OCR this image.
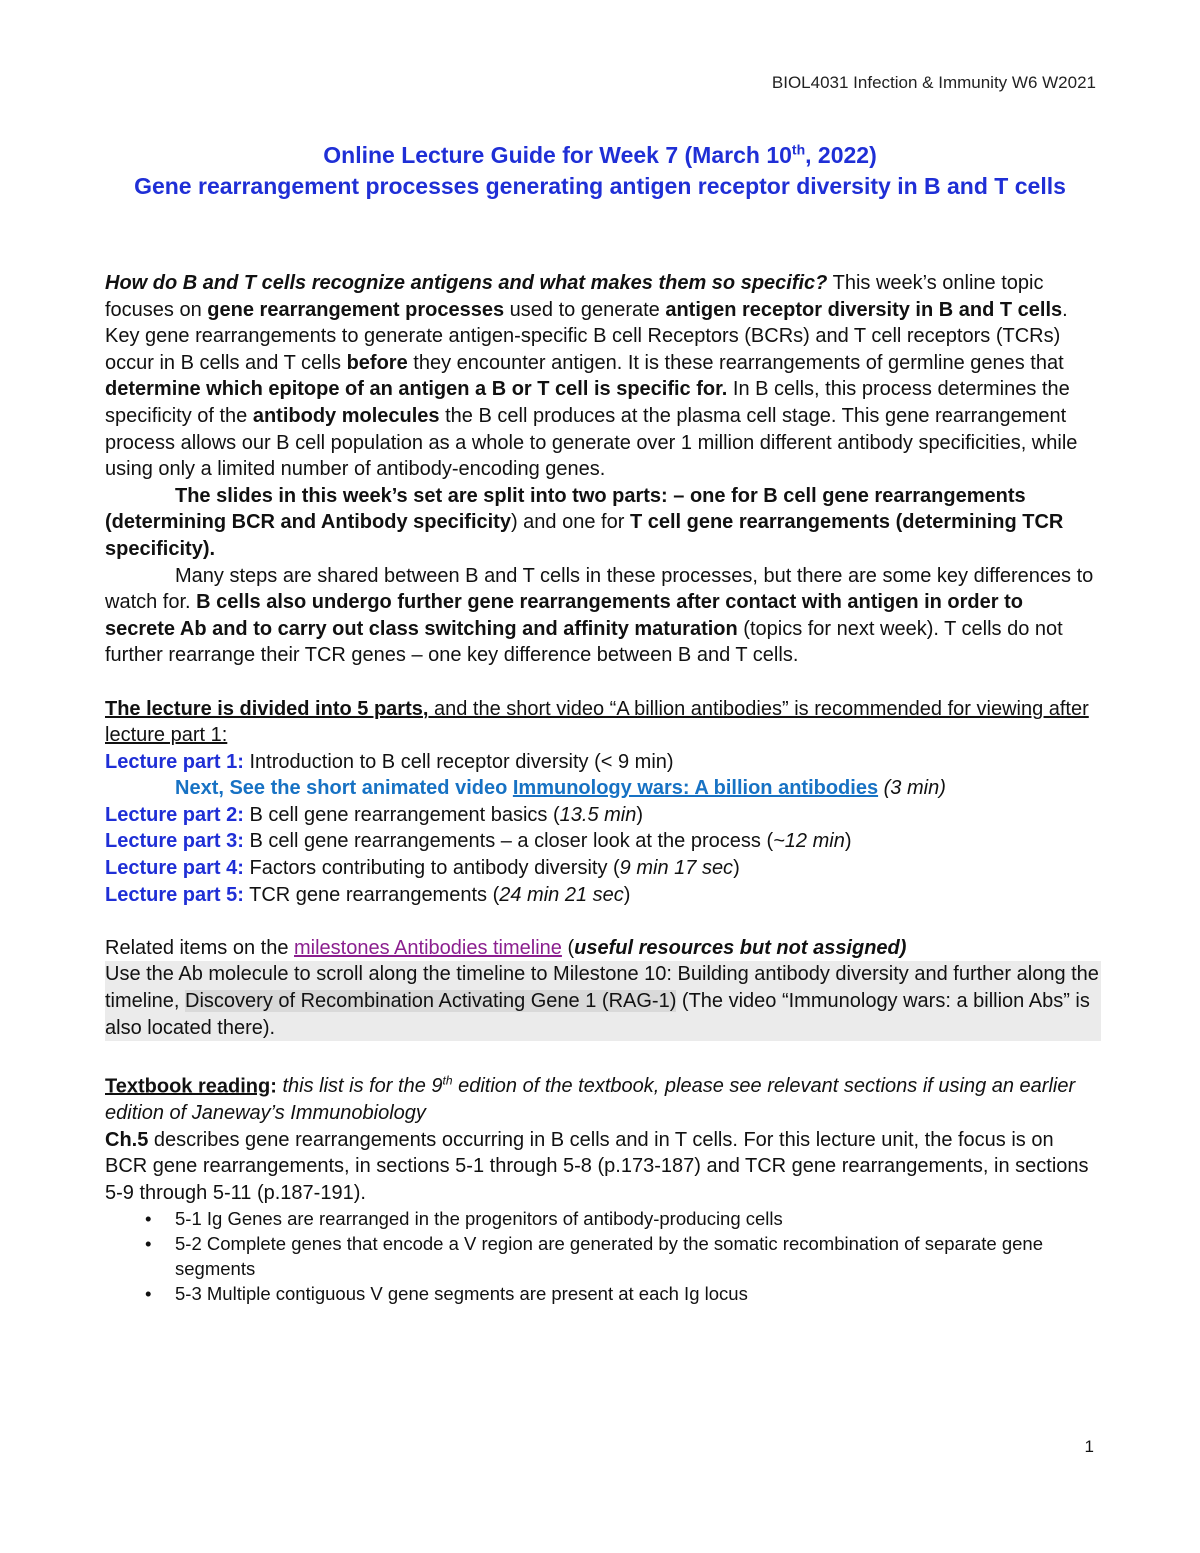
BIOL4031 Infection & Immunity W6 W2021
Online Lecture Guide for Week 7 (March 10th, 2022)
Gene rearrangement processes generating antigen receptor diversity in B and T cells

How do B and T cells recognize antigens and what makes them so specific? This week’s online topic focuses on gene rearrangement processes used to generate antigen receptor diversity in B and T cells. Key gene rearrangements to generate antigen-specific B cell Receptors (BCRs) and T cell receptors (TCRs) occur in B cells and T cells before they encounter antigen. It is these rearrangements of germline genes that determine which epitope of an antigen a B or T cell is specific for. In B cells, this process determines the specificity of the antibody molecules the B cell produces at the plasma cell stage. This gene rearrangement process allows our B cell population as a whole to generate over 1 million different antibody specificities, while using only a limited number of antibody-encoding genes.

The slides in this week’s set are split into two parts: – one for B cell gene rearrangements (determining BCR and Antibody specificity) and one for T cell gene rearrangements (determining TCR specificity).

Many steps are shared between B and T cells in these processes, but there are some key differences to watch for. B cells also undergo further gene rearrangements after contact with antigen in order to secrete Ab and to carry out class switching and affinity maturation (topics for next week). T cells do not further rearrange their TCR genes – one key difference between B and T cells.

The lecture is divided into 5 parts, and the short video “A billion antibodies” is recommended for viewing after lecture part 1:

Lecture part 1: Introduction to B cell receptor diversity (< 9 min)

Next, See the short animated video Immunology wars: A billion antibodies (3 min)

Lecture part 2: B cell gene rearrangement basics (13.5 min)

Lecture part 3: B cell gene rearrangements – a closer look at the process (~12 min)

Lecture part 4: Factors contributing to antibody diversity (9 min 17 sec)

Lecture part 5: TCR gene rearrangements (24 min 21 sec)

Related items on the milestones Antibodies timeline (useful resources but not assigned)

Use the Ab molecule to scroll along the timeline to Milestone 10: Building antibody diversity and further along the timeline, Discovery of Recombination Activating Gene 1 (RAG-1) (The video “Immunology wars: a billion Abs” is also located there).

Textbook reading: this list is for the 9th edition of the textbook, please see relevant sections if using an earlier edition of Janeway’s Immunobiology

Ch.5 describes gene rearrangements occurring in B cells and in T cells. For this lecture unit, the focus is on BCR gene rearrangements, in sections 5-1 through 5-8 (p.173-187) and TCR gene rearrangements, in sections 5-9 through 5-11 (p.187-191).

• 5-1 Ig Genes are rearranged in the progenitors of antibody-producing cells
• 5-2 Complete genes that encode a V region are generated by the somatic recombination of separate gene segments
• 5-3 Multiple contiguous V gene segments are present at each Ig locus
1
